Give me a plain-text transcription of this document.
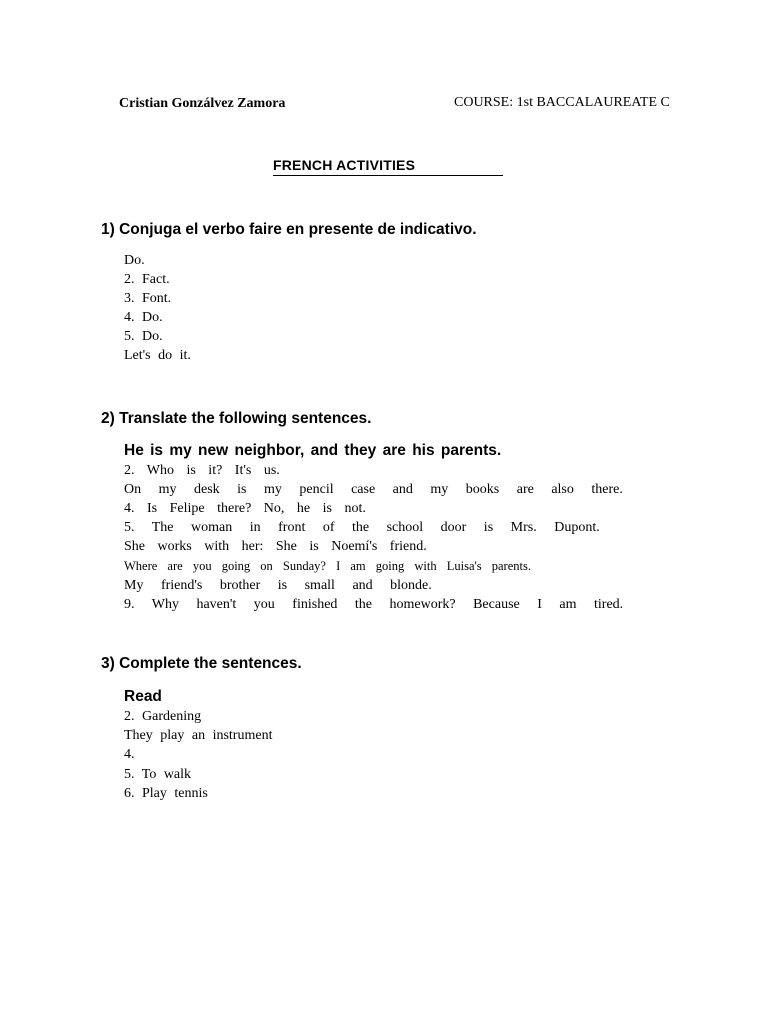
Cristian Gonzálvez Zamora	COURSE: 1st BACCALAUREATE C
FRENCH ACTIVITIES
1) Conjuga el verbo faire en presente de indicativo.
Do.
2. Fact.
3. Font.
4. Do.
5. Do.
Let's do it.
2) Translate the following sentences.
He is my new neighbor, and they are his parents.
2. Who is it? It's us.
On my desk is my pencil case and my books are also there.
4. Is Felipe there? No, he is not.
5. The woman in front of the school door is Mrs. Dupont.
She works with her: She is Noemí's friend.
Where are you going on Sunday? I am going with Luisa's parents.
My friend's brother is small and blonde.
9. Why haven't you finished the homework? Because I am tired.
3) Complete the sentences.
Read
2. Gardening
They play an instrument
4.
5. To walk
6. Play tennis
